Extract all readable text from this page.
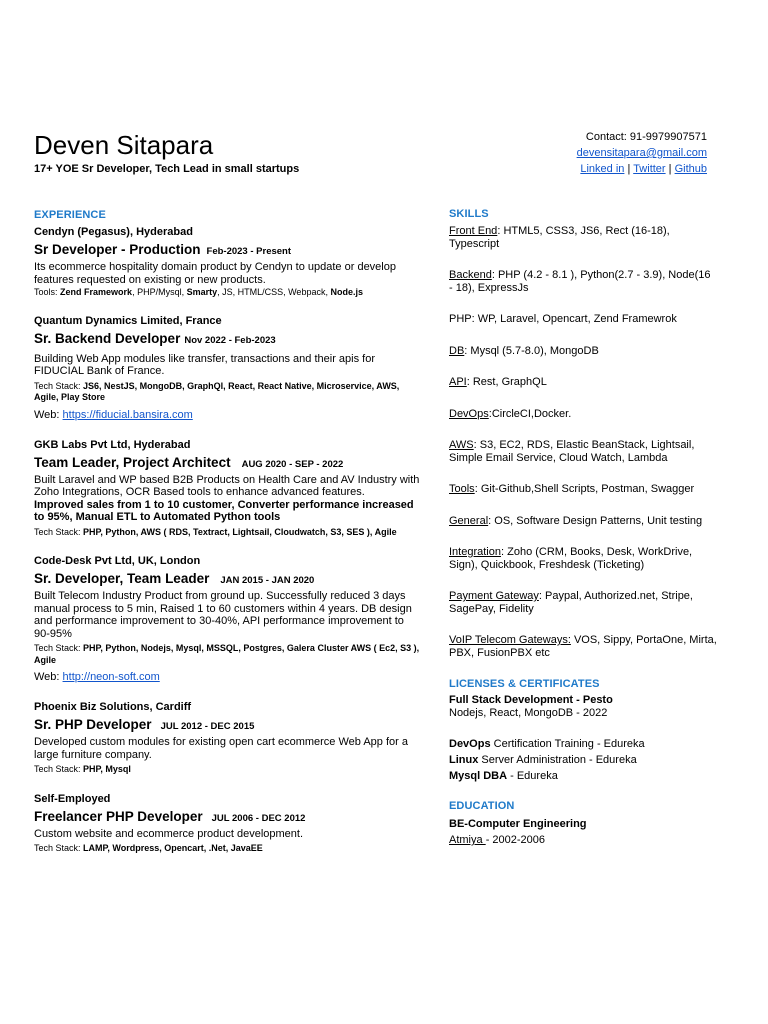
Deven Sitapara
17+ YOE Sr Developer, Tech Lead in small startups
Contact: 91-9979907571
devensitapara@gmail.com
Linked in | Twitter | Github
EXPERIENCE
Cendyn (Pegasus), Hyderabad
Sr Developer - Production Feb-2023 - Present
Its ecommerce hospitality domain product by Cendyn to update or develop features requested on existing or new products.
Tools: Zend Framework, PHP/Mysql, Smarty, JS, HTML/CSS, Webpack, Node.js
Quantum Dynamics Limited, France
Sr. Backend Developer Nov 2022 - Feb-2023
Building Web App modules like transfer, transactions and their apis for FIDUCIAL Bank of France.
Tech Stack: JS6, NestJS, MongoDB, GraphQl, React, React Native, Microservice, AWS, Agile, Play Store
Web: https://fiducial.bansira.com
GKB Labs Pvt Ltd, Hyderabad
Team Leader, Project Architect AUG 2020 - SEP - 2022
Built Laravel and WP based B2B Products on Health Care and AV Industry with Zoho Integrations, OCR Based tools to enhance advanced features.
Improved sales from 1 to 10 customer, Converter performance increased to 95%, Manual ETL to Automated Python tools
Tech Stack: PHP, Python, AWS ( RDS, Textract, Lightsail, Cloudwatch, S3, SES ), Agile
Code-Desk Pvt Ltd, UK, London
Sr. Developer, Team Leader JAN 2015 - JAN 2020
Built Telecom Industry Product from ground up. Successfully reduced 3 days manual process to 5 min, Raised 1 to 60 customers within 4 years. DB design and performance improvement to 30-40%, API performance improvement to 90-95%
Tech Stack: PHP, Python, Nodejs, Mysql, MSSQL, Postgres, Galera Cluster AWS ( Ec2, S3 ), Agile
Web: http://neon-soft.com
Phoenix Biz Solutions, Cardiff
Sr. PHP Developer JUL 2012 - DEC 2015
Developed custom modules for existing open cart ecommerce Web App for a large furniture company.
Tech Stack: PHP, Mysql
Self-Employed
Freelancer PHP Developer JUL 2006 - DEC 2012
Custom website and ecommerce product development.
Tech Stack: LAMP, Wordpress, Opencart, .Net, JavaEE
SKILLS
Front End: HTML5, CSS3, JS6, Rect (16-18), Typescript
Backend: PHP (4.2 - 8.1 ), Python(2.7 - 3.9), Node(16 - 18), ExpressJs
PHP: WP, Laravel, Opencart, Zend Framewrok
DB: Mysql (5.7-8.0), MongoDB
API: Rest, GraphQL
DevOps:CircleCI,Docker.
AWS: S3, EC2, RDS, Elastic BeanStack, Lightsail, Simple Email Service, Cloud Watch, Lambda
Tools: Git-Github,Shell Scripts, Postman, Swagger
General: OS, Software Design Patterns, Unit testing
Integration: Zoho (CRM, Books, Desk, WorkDrive, Sign), Quickbook, Freshdesk (Ticketing)
Payment Gateway: Paypal, Authorized.net, Stripe, SagePay, Fidelity
VoIP Telecom Gateways: VOS, Sippy, PortaOne, Mirta, PBX, FusionPBX etc
LICENSES & CERTIFICATES
Full Stack Development - Pesto
Nodejs, React, MongoDB - 2022
DevOps Certification Training - Edureka
Linux Server Administration - Edureka
Mysql DBA - Edureka
EDUCATION
BE-Computer Engineering
Atmiya - 2002-2006
